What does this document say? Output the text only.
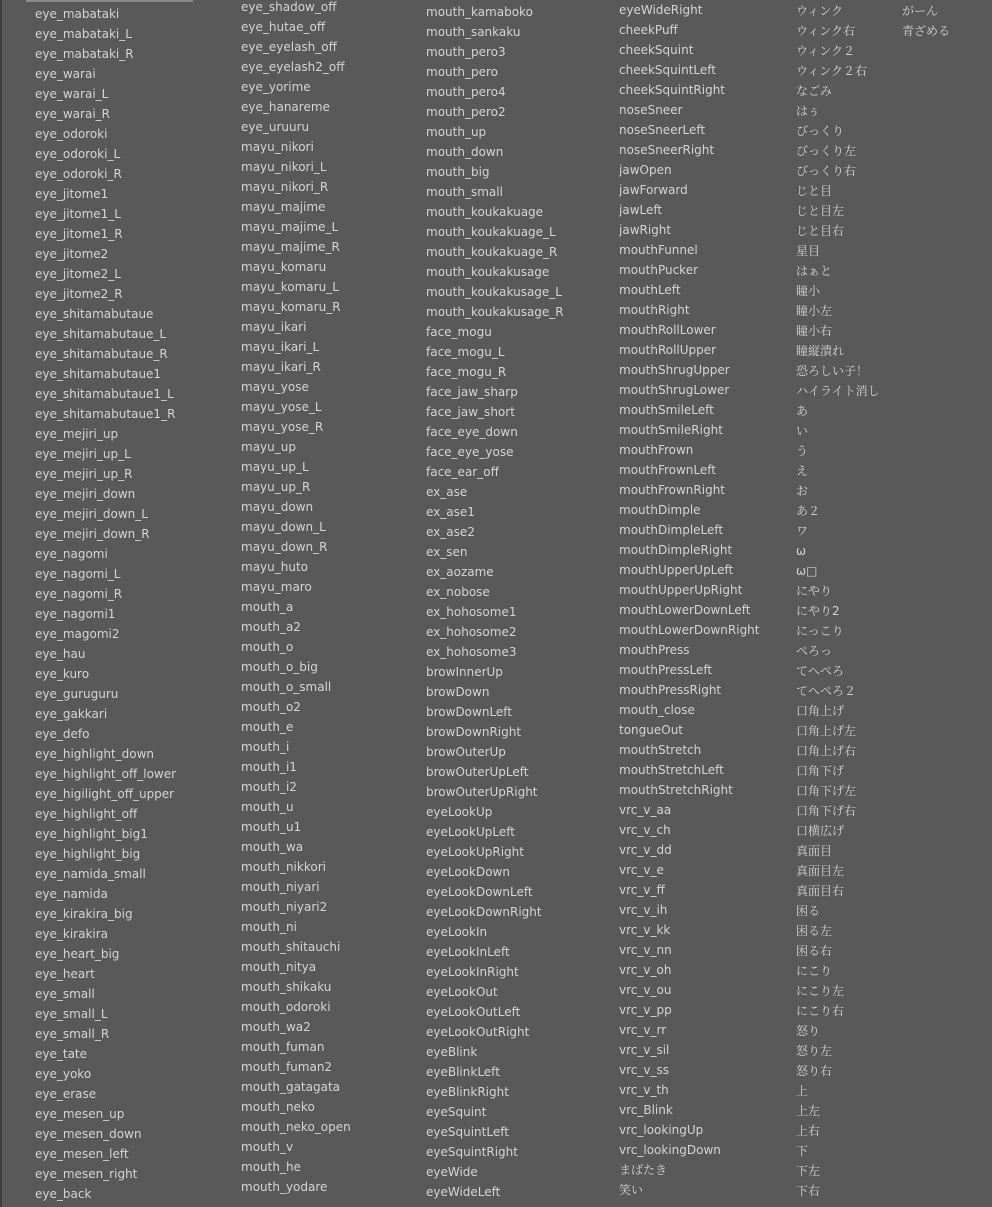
eye_mabataki
eye_mabataki_L
eye_mabataki_R
eye_warai
eye_warai_L
eye_warai_R
eye_odoroki
eye_odoroki_L
eye_odoroki_R
eye_jitome1
eye_jitome1_L
eye_jitome1_R
eye_jitome2
eye_jitome2_L
eye_jitome2_R
eye_shitamabutaue
eye_shitamabutaue_L
eye_shitamabutaue_R
eye_shitamabutaue1
eye_shitamabutaue1_L
eye_shitamabutaue1_R
eye_mejiri_up
eye_mejiri_up_L
eye_mejiri_up_R
eye_mejiri_down
eye_mejiri_down_L
eye_mejiri_down_R
eye_nagomi
eye_nagomi_L
eye_nagomi_R
eye_nagomi1
eye_magomi2
eye_hau
eye_kuro
eye_guruguru
eye_gakkari
eye_defo
eye_highlight_down
eye_highlight_off_lower
eye_higilight_off_upper
eye_highlight_off
eye_highlight_big1
eye_highlight_big
eye_namida_small
eye_namida
eye_kirakira_big
eye_kirakira
eye_heart_big
eye_heart
eye_small
eye_small_L
eye_small_R
eye_tate
eye_yoko
eye_erase
eye_mesen_up
eye_mesen_down
eye_mesen_left
eye_mesen_right
eye_back
eye_shadow_off
eye_hutae_off
eye_eyelash_off
eye_eyelash2_off
eye_yorime
eye_hanareme
eye_uruuru
mayu_nikori
mayu_nikori_L
mayu_nikori_R
mayu_majime
mayu_majime_L
mayu_majime_R
mayu_komaru
mayu_komaru_L
mayu_komaru_R
mayu_ikari
mayu_ikari_L
mayu_ikari_R
mayu_yose
mayu_yose_L
mayu_yose_R
mayu_up
mayu_up_L
mayu_up_R
mayu_down
mayu_down_L
mayu_down_R
mayu_huto
mayu_maro
mouth_a
mouth_a2
mouth_o
mouth_o_big
mouth_o_small
mouth_o2
mouth_e
mouth_i
mouth_i1
mouth_i2
mouth_u
mouth_u1
mouth_wa
mouth_nikkori
mouth_niyari
mouth_niyari2
mouth_ni
mouth_shitauchi
mouth_nitya
mouth_shikaku
mouth_odoroki
mouth_wa2
mouth_fuman
mouth_fuman2
mouth_gatagata
mouth_neko
mouth_neko_open
mouth_v
mouth_he
mouth_yodare
mouth_kamaboko
mouth_sankaku
mouth_pero3
mouth_pero
mouth_pero4
mouth_pero2
mouth_up
mouth_down
mouth_big
mouth_small
mouth_koukakuage
mouth_koukakuage_L
mouth_koukakuage_R
mouth_koukakusage
mouth_koukakusage_L
mouth_koukakusage_R
face_mogu
face_mogu_L
face_mogu_R
face_jaw_sharp
face_jaw_short
face_eye_down
face_eye_yose
face_ear_off
ex_ase
ex_ase1
ex_ase2
ex_sen
ex_aozame
ex_nobose
ex_hohosome1
ex_hohosome2
ex_hohosome3
browInnerUp
browDown
browDownLeft
browDownRight
browOuterUp
browOuterUpLeft
browOuterUpRight
eyeLookUp
eyeLookUpLeft
eyeLookUpRight
eyeLookDown
eyeLookDownLeft
eyeLookDownRight
eyeLookIn
eyeLookInLeft
eyeLookInRight
eyeLookOut
eyeLookOutLeft
eyeLookOutRight
eyeBlink
eyeBlinkLeft
eyeBlinkRight
eyeSquint
eyeSquintLeft
eyeSquintRight
eyeWide
eyeWideLeft
eyeWideRight
cheekPuff
cheekSquint
cheekSquintLeft
cheekSquintRight
noseSneer
noseSneerLeft
noseSneerRight
jawOpen
jawForward
jawLeft
jawRight
mouthFunnel
mouthPucker
mouthLeft
mouthRight
mouthRollLower
mouthRollUpper
mouthShrugUpper
mouthShrugLower
mouthSmileLeft
mouthSmileRight
mouthFrown
mouthFrownLeft
mouthFrownRight
mouthDimple
mouthDimpleLeft
mouthDimpleRight
mouthUpperUpLeft
mouthUpperUpRight
mouthLowerDownLeft
mouthLowerDownRight
mouthPress
mouthPressLeft
mouthPressRight
mouth_close
tongueOut
mouthStretch
mouthStretchLeft
mouthStretchRight
vrc_v_aa
vrc_v_ch
vrc_v_dd
vrc_v_e
vrc_v_ff
vrc_v_ih
vrc_v_kk
vrc_v_nn
vrc_v_oh
vrc_v_ou
vrc_v_pp
vrc_v_rr
vrc_v_sil
vrc_v_ss
vrc_v_th
vrc_Blink
vrc_lookingUp
vrc_lookingDown
まばたき
笑い
ウィンク
ウィンク右
ウィンク２
ウィンク２右
なごみ
はぅ
びっくり
びっくり左
びっくり右
じと目
じと目左
じと目右
星目
はぁと
瞳小
瞳小左
瞳小右
瞳縦潰れ
恐ろしい子！
ハイライト消し
あ
い
う
え
お
あ２
ワ
ω
ω□
にやり
にやり2
にっこり
ぺろっ
てへぺろ
てへぺろ２
口角上げ
口角上げ左
口角上げ右
口角下げ
口角下げ左
口角下げ右
口横広げ
真面目
真面目左
真面目右
困る
困る左
困る右
にこり
にこり左
にこり右
怒り
怒り左
怒り右
上
上左
上右
下
下左
下右
がーん
青ざめる
